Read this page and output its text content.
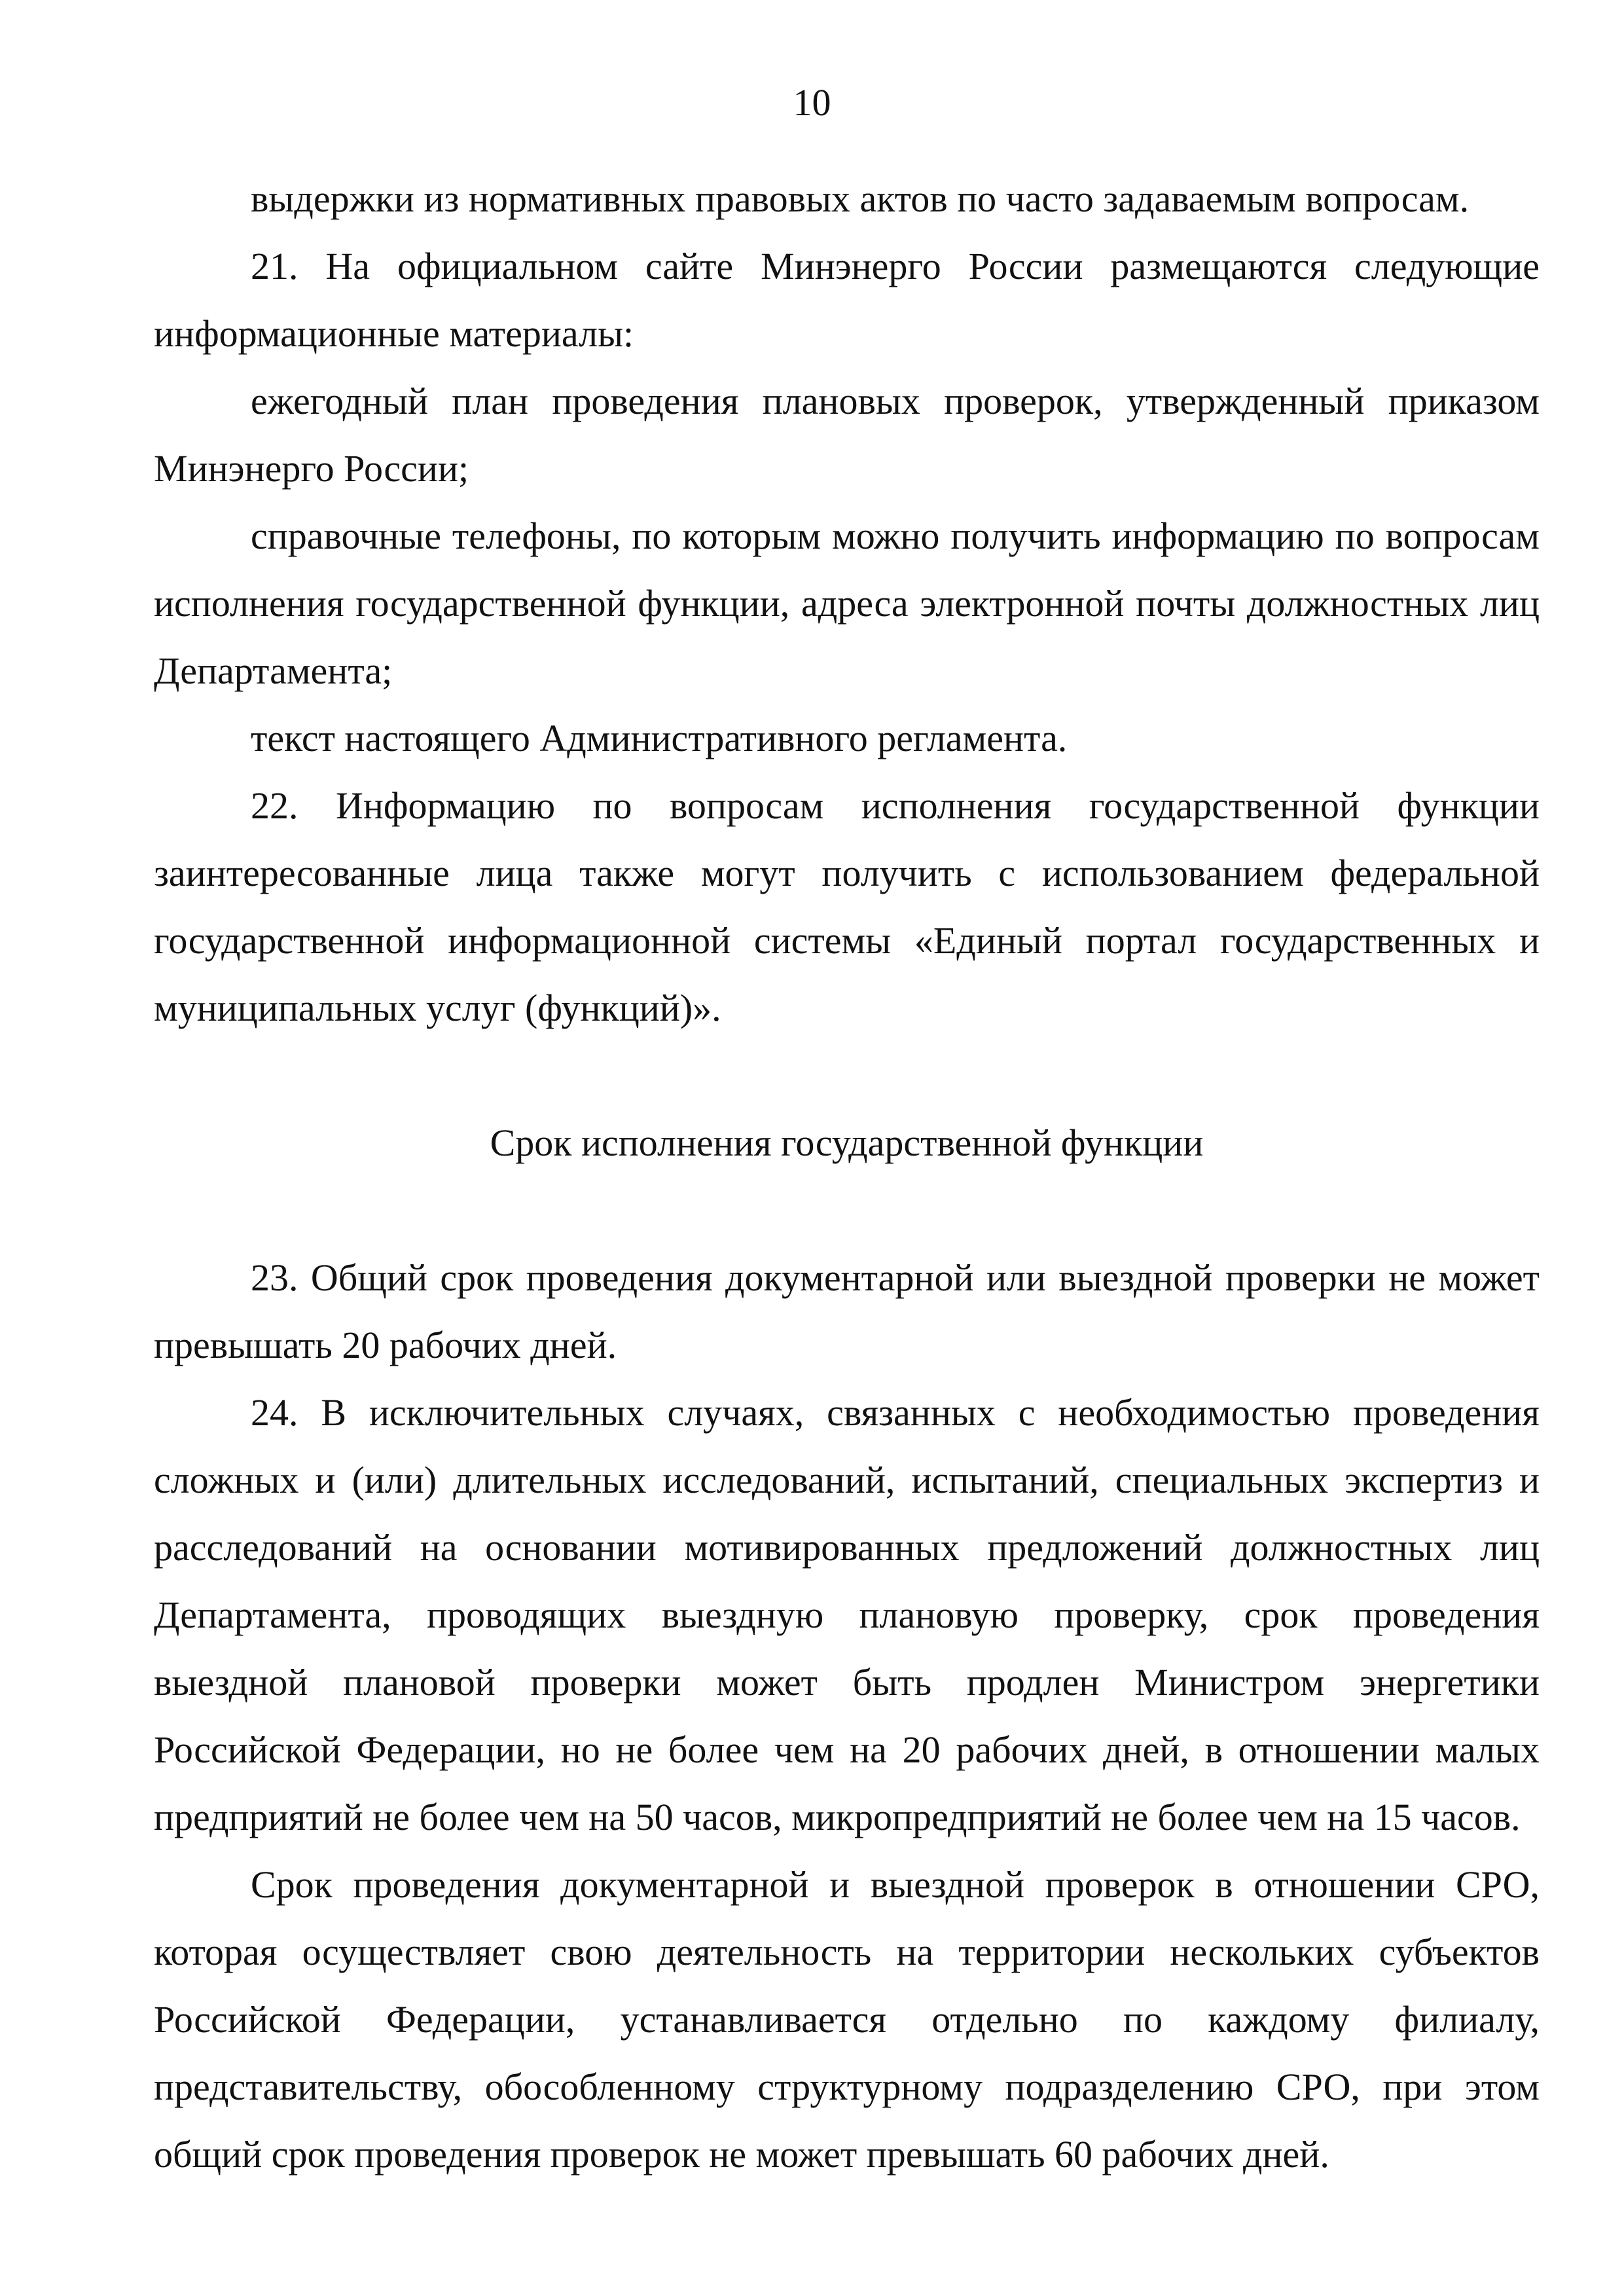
10

выдержки из нормативных правовых актов по часто задаваемым вопросам.

21. На официальном сайте Минэнерго России размещаются следующие информационные материалы:

ежегодный план проведения плановых проверок, утвержденный приказом Минэнерго России;

справочные телефоны, по которым можно получить информацию по вопросам исполнения государственной функции, адреса электронной почты должностных лиц Департамента;

текст настоящего Административного регламента.

22. Информацию по вопросам исполнения государственной функции заинтересованные лица также могут получить с использованием федеральной государственной информационной системы «Единый портал государственных и муниципальных услуг (функций)».

Срок исполнения государственной функции

23. Общий срок проведения документарной или выездной проверки не может превышать 20 рабочих дней.

24. В исключительных случаях, связанных с необходимостью проведения сложных и (или) длительных исследований, испытаний, специальных экспертиз и расследований на основании мотивированных предложений должностных лиц Департамента, проводящих выездную плановую проверку, срок проведения выездной плановой проверки может быть продлен Министром энергетики Российской Федерации, но не более чем на 20 рабочих дней, в отношении малых предприятий не более чем на 50 часов, микропредприятий не более чем на 15 часов.

Срок проведения документарной и выездной проверок в отношении СРО, которая осуществляет свою деятельность на территории нескольких субъектов Российской Федерации, устанавливается отдельно по каждому филиалу, представительству, обособленному структурному подразделению СРО, при этом общий срок проведения проверок не может превышать 60 рабочих дней.
